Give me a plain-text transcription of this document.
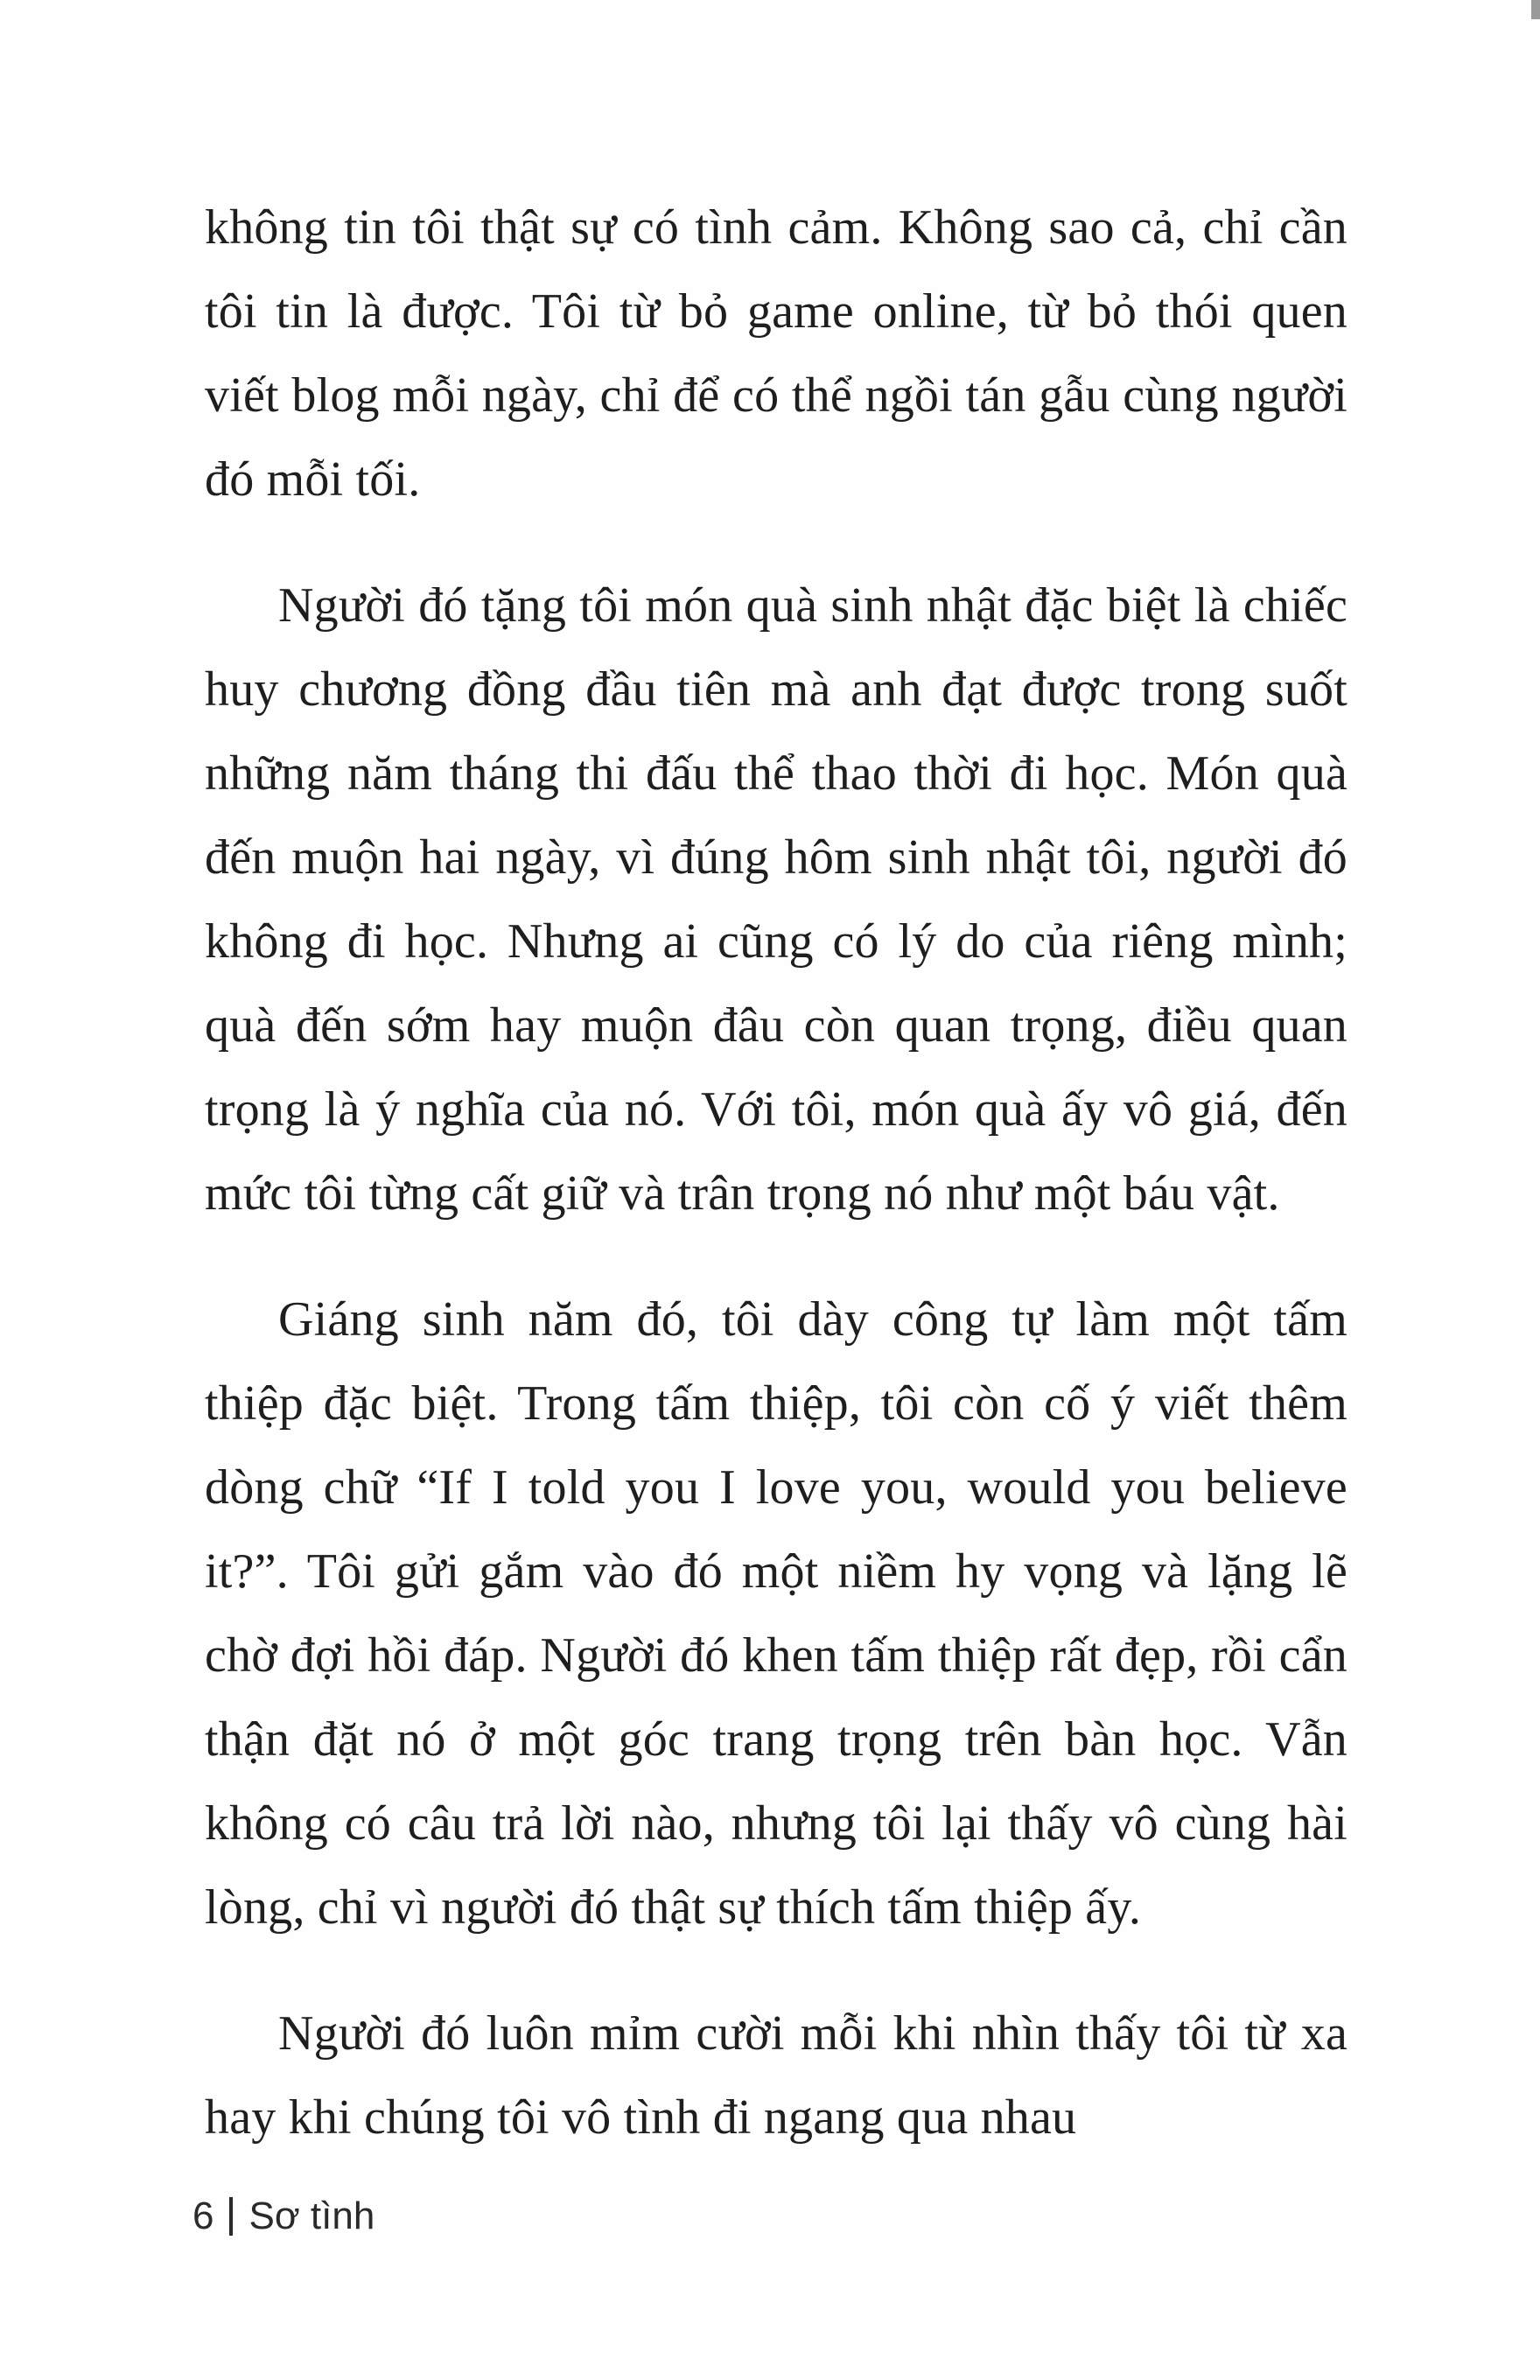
không tin tôi thật sự có tình cảm. Không sao cả, chỉ cần tôi tin là được. Tôi từ bỏ game online, từ bỏ thói quen viết blog mỗi ngày, chỉ để có thể ngồi tán gẫu cùng người đó mỗi tối.

Người đó tặng tôi món quà sinh nhật đặc biệt là chiếc huy chương đồng đầu tiên mà anh đạt được trong suốt những năm tháng thi đấu thể thao thời đi học. Món quà đến muộn hai ngày, vì đúng hôm sinh nhật tôi, người đó không đi học. Nhưng ai cũng có lý do của riêng mình; quà đến sớm hay muộn đâu còn quan trọng, điều quan trọng là ý nghĩa của nó. Với tôi, món quà ấy vô giá, đến mức tôi từng cất giữ và trân trọng nó như một báu vật.

Giáng sinh năm đó, tôi dày công tự làm một tấm thiệp đặc biệt. Trong tấm thiệp, tôi còn cố ý viết thêm dòng chữ “If I told you I love you, would you believe it?”. Tôi gửi gắm vào đó một niềm hy vọng và lặng lẽ chờ đợi hồi đáp. Người đó khen tấm thiệp rất đẹp, rồi cẩn thận đặt nó ở một góc trang trọng trên bàn học. Vẫn không có câu trả lời nào, nhưng tôi lại thấy vô cùng hài lòng, chỉ vì người đó thật sự thích tấm thiệp ấy.

Người đó luôn mỉm cười mỗi khi nhìn thấy tôi từ xa hay khi chúng tôi vô tình đi ngang qua nhau

6 Sơ tình
